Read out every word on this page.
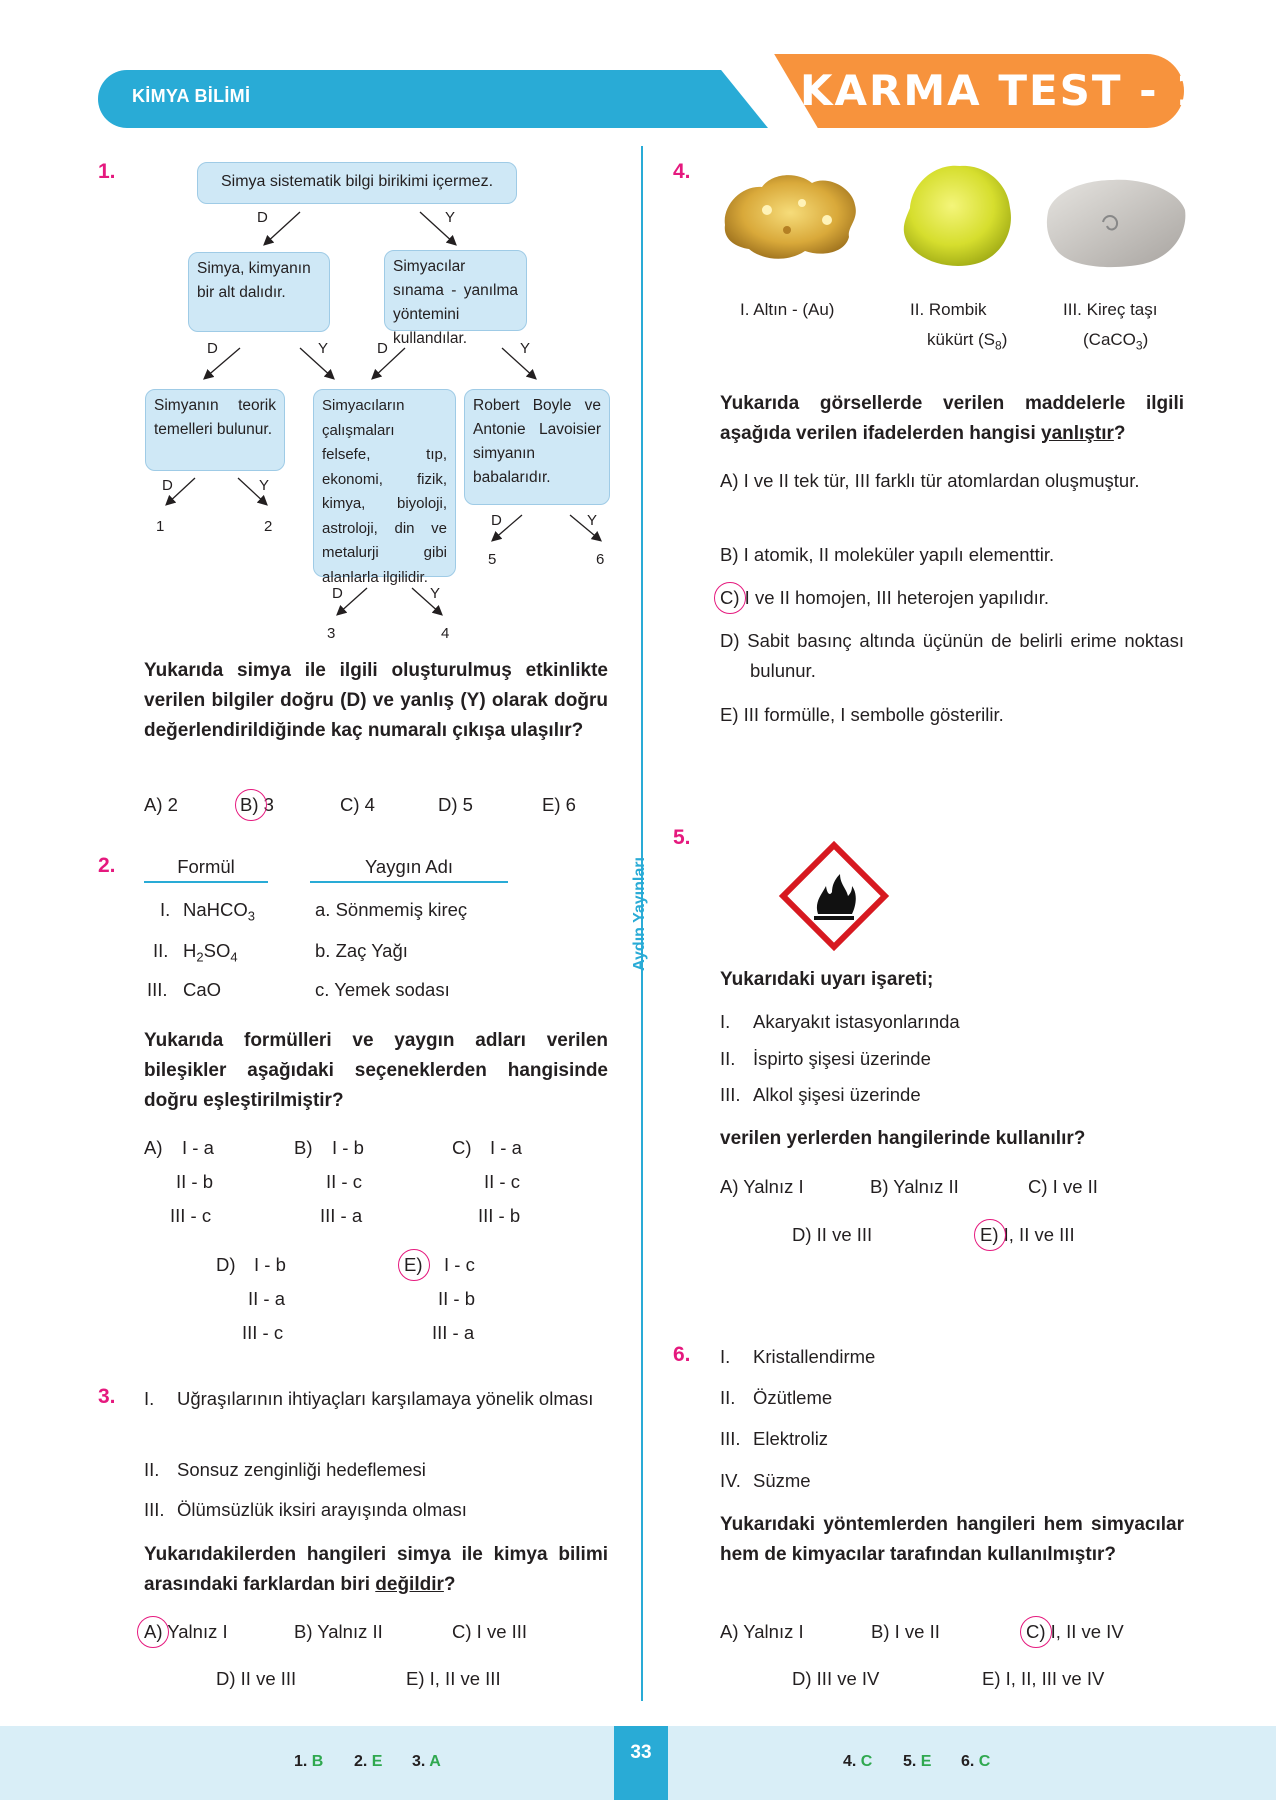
KİMYA BİLİMİ	KARMA TEST - 1
Aydın Yayınları
1.	Simya sistematik bilgi birikimi içermez.
D	Y
Simya, kimyanın bir alt dalıdır.
Simyacılar sınama - yanılma yöntemini kullandılar.
D	Y	D	Y
Simyanın teorik temelleri bulunur.
Simyacıların çalışmaları felsefe, tıp, ekonomi, fizik, kimya, biyoloji, astroloji, din ve metalurji gibi alanlarla ilgilidir.
Robert Boyle ve Antonie Lavoisier simyanın babalarıdır.
D	Y
1	2	D	Y
5	6
D	Y
3	4
Yukarıda simya ile ilgili oluşturulmuş etkinlikte verilen bilgiler doğru (D) ve yanlış (Y) olarak doğru değerlendirildiğinde kaç numaralı çıkışa ulaşılır?
A) 2	B) 3	C) 4	D) 5	E) 6
2.	Formül	Yaygın Adı
I. NaHCO$_3$	a. Sönmemiş kireç
II. $H_2SO_4$	b. Zaç Yağı
III. CaO	c. Yemek sodası
Yukarıda formülleri ve yaygın adları verilen bileşikler aşağıdaki seçeneklerden hangisinde doğru eşleştirilmiştir?
A) I - a
II - b
III - c
B) I - b
II - c
III - a
C) I - a
II - c
III - b
D) I - b
II - a
III - c
E) I - c
II - b
III - a
3. I. Uğraşılarının ihtiyaçları karşılamaya yönelik olması
II. Sonsuz zenginliği hedeflemesi
III. Ölümsüzlük iksiri arayışında olması
Yukarıdakilerden hangileri simya ile kimya bilimi arasındaki farklardan biri değildir?
A) Yalnız I	B) Yalnız II	C) I ve III
D) II ve III	E) I, II ve III
4.
I. Altın - (Au)	II. Rombik
kükürt $(S_8)$
III. Kireç taşı
(CaCO$_3$)
Yukarıda görsellerde verilen maddelerle ilgili aşağıda verilen ifadelerden hangisi yanlıştır?
A) I ve II tek tür, III farklı tür atomlardan oluşmuştur.
B) I atomik, II moleküler yapılı elementtir.
C) I ve II homojen, III heterojen yapılıdır.
D) Sabit basınç altında üçünün de belirli erime noktası bulunur.
E) III formülle, I sembolle gösterilir.
5.
Yukarıdaki uyarı işareti;
I. Akaryakıt istasyonlarında
II. İspirto şişesi üzerinde
III. Alkol şişesi üzerinde
verilen yerlerden hangilerinde kullanılır?
A) Yalnız I	B) Yalnız II	C) I ve II
D) II ve III	E) I, II ve III
6. I. Kristallendirme
II. Özütleme
III. Elektroliz
IV. Süzme
Yukarıdaki yöntemlerden hangileri hem simyacılar hem de kimyacılar tarafından kullanılmıştır?
A) Yalnız I	B) I ve II	C) I, II ve IV
D) III ve IV	E) I, II, III ve IV
33
1. B 2. E 3. A	4. C 5. E 6. C
